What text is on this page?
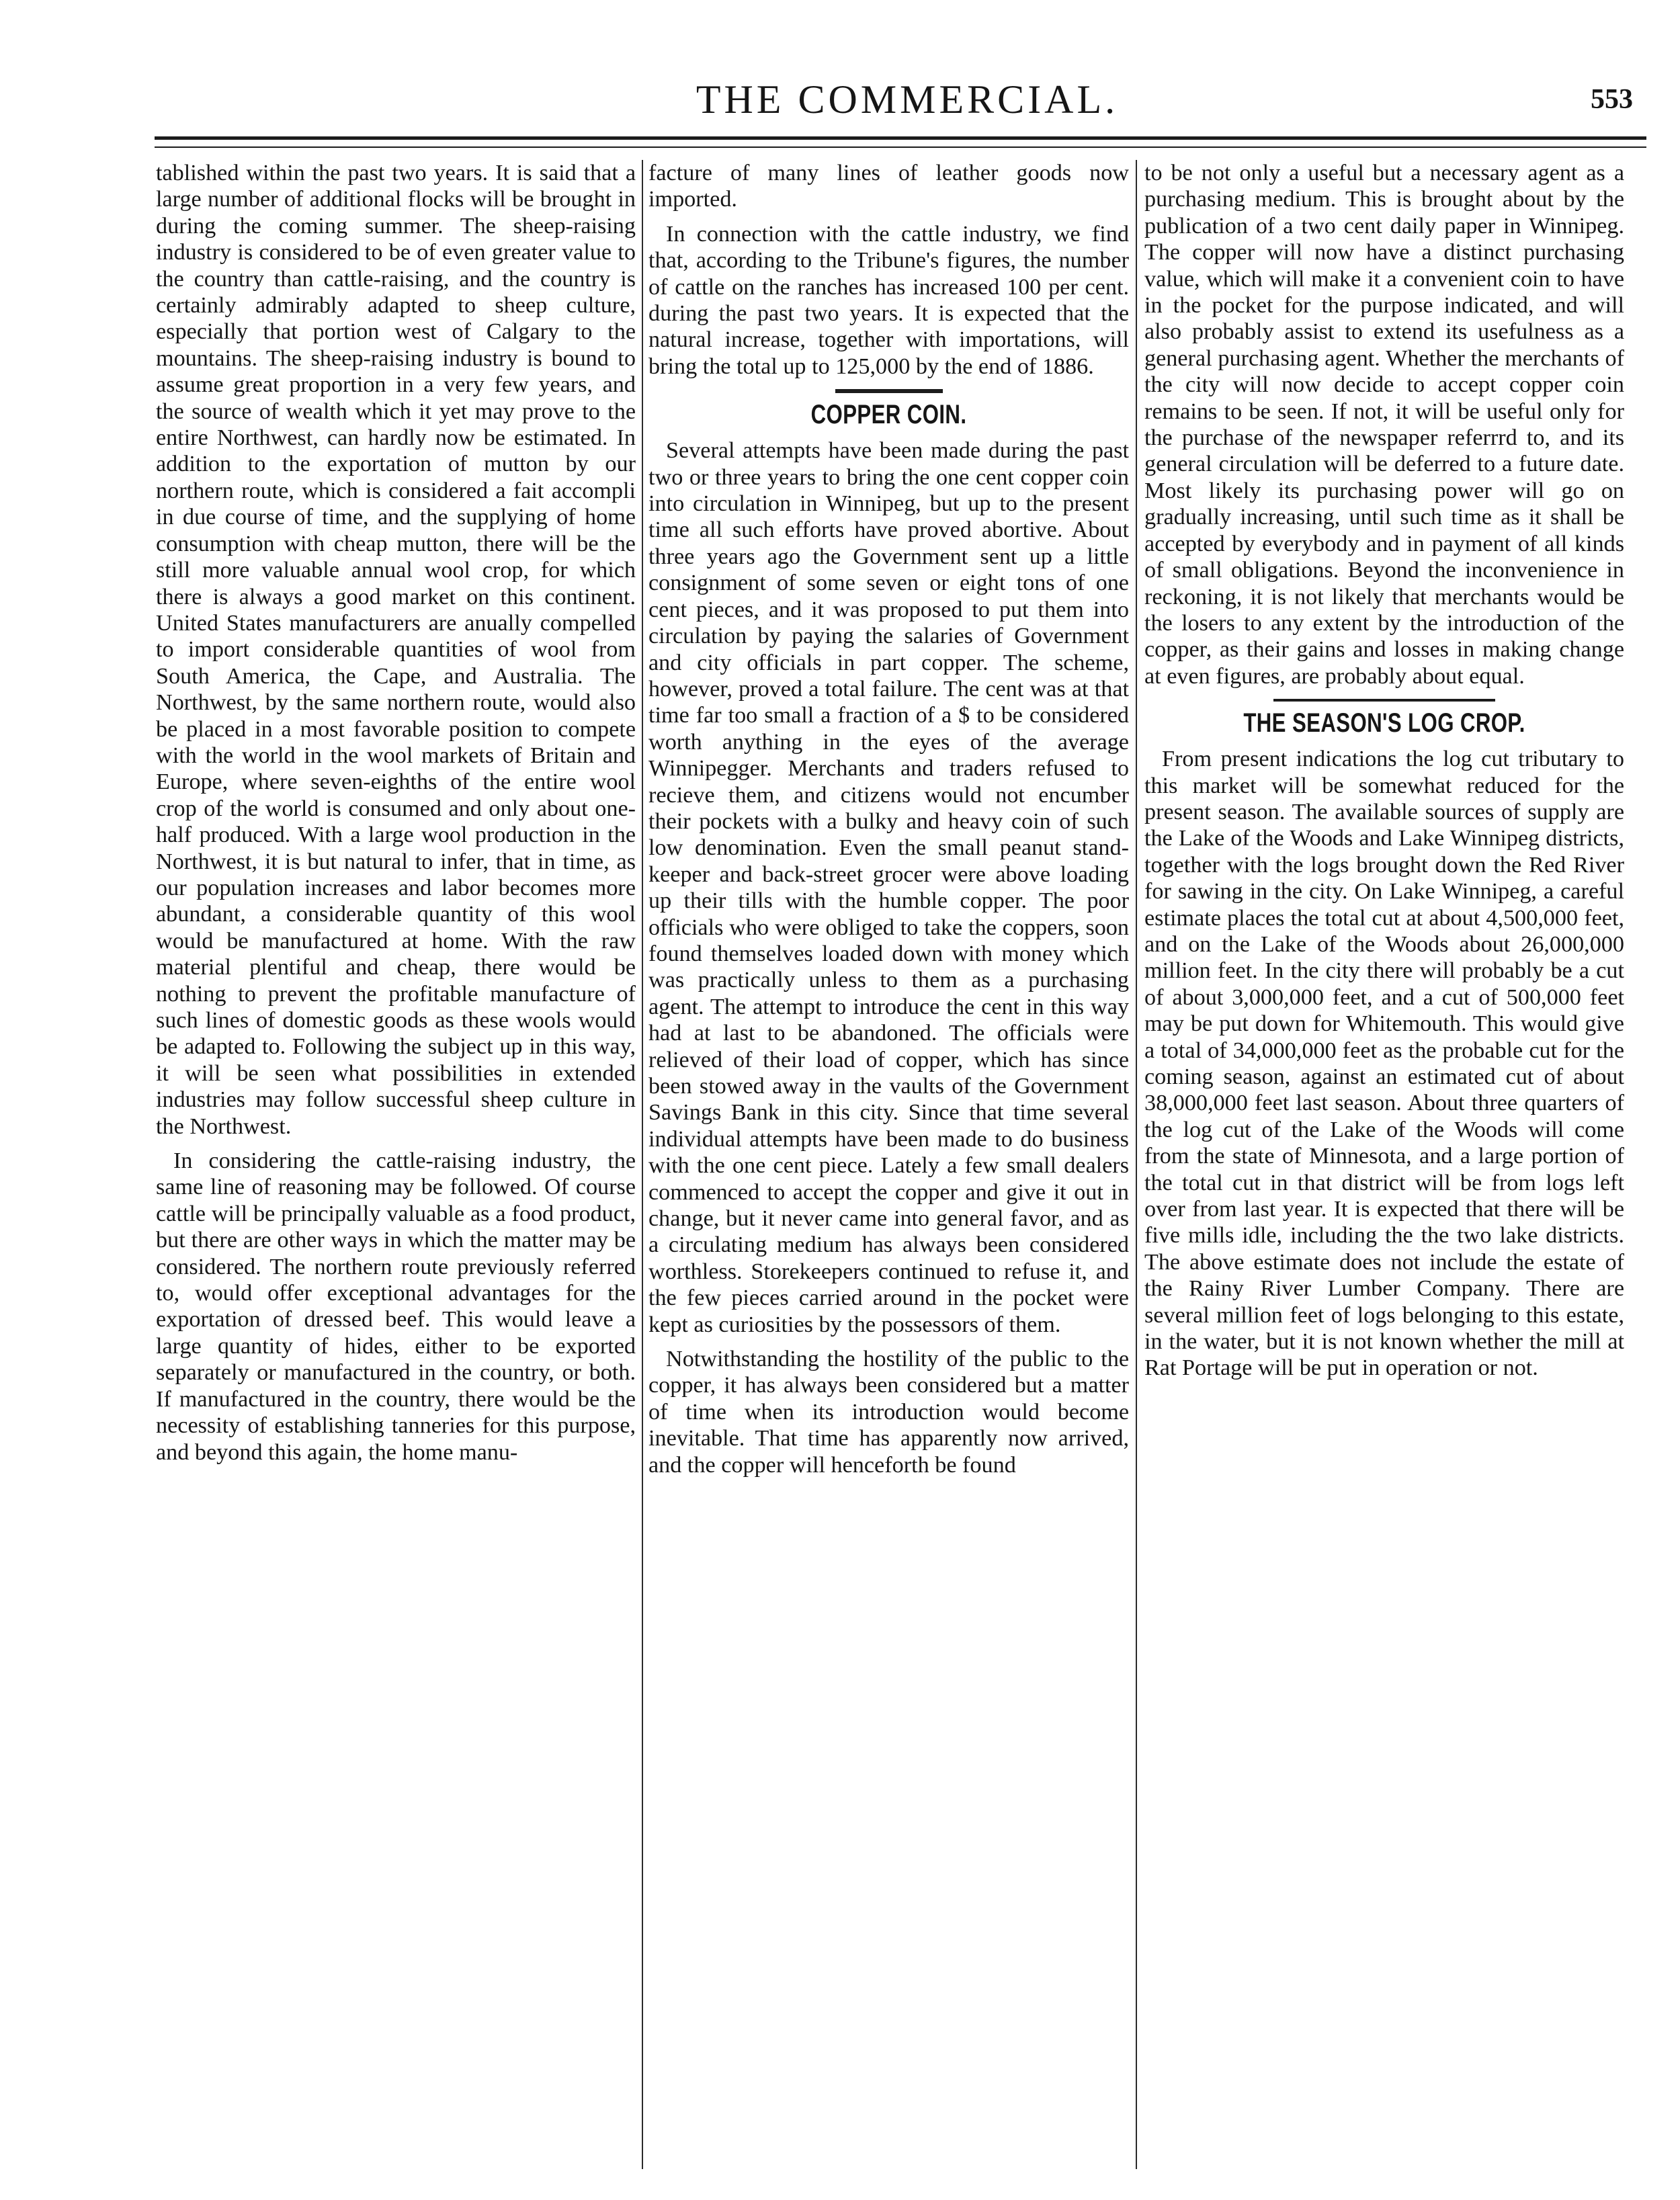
THE COMMERCIAL.	553

tablished within the past two years. It is said that a large number of additional flocks will be brought in during the coming summer. The sheep-raising industry is considered to be of even greater value to the country than cattle-raising, and the country is certainly admirably adapted to sheep culture, especially that portion west of Calgary to the mountains. The sheep-raising industry is bound to assume great proportion in a very few years, and the source of wealth which it yet may prove to the entire Northwest, can hardly now be estimated. In addition to the exportation of mutton by our northern route, which is considered a fait accompli in due course of time, and the supplying of home consumption with cheap mutton, there will be the still more valuable annual wool crop, for which there is always a good market on this continent. United States manufacturers are anually compelled to import considerable quantities of wool from South America, the Cape, and Australia. The Northwest, by the same northern route, would also be placed in a most favorable position to compete with the world in the wool markets of Britain and Europe, where seven-eighths of the entire wool crop of the world is consumed and only about one-half produced. With a large wool production in the Northwest, it is but natural to infer, that in time, as our population increases and labor becomes more abundant, a considerable quantity of this wool would be manufactured at home. With the raw material plentiful and cheap, there would be nothing to prevent the profitable manufacture of such lines of domestic goods as these wools would be adapted to. Following the subject up in this way, it will be seen what possibilities in extended industries may follow successful sheep culture in the Northwest.

In considering the cattle-raising industry, the same line of reasoning may be followed. Of course cattle will be principally valuable as a food product, but there are other ways in which the matter may be considered. The northern route previously referred to, would offer exceptional advantages for the exportation of dressed beef. This would leave a large quantity of hides, either to be exported separately or manufactured in the country, or both. If manufactured in the country, there would be the necessity of establishing tanneries for this purpose, and beyond this again, the home manu-

facture of many lines of leather goods now imported.

In connection with the cattle industry, we find that, according to the Tribune's figures, the number of cattle on the ranches has increased 100 per cent. during the past two years. It is expected that the natural increase, together with importations, will bring the total up to 125,000 by the end of 1886.

COPPER COIN.

Several attempts have been made during the past two or three years to bring the one cent copper coin into circulation in Winnipeg, but up to the present time all such efforts have proved abortive. About three years ago the Government sent up a little consignment of some seven or eight tons of one cent pieces, and it was proposed to put them into circulation by paying the salaries of Government and city officials in part copper. The scheme, however, proved a total failure. The cent was at that time far too small a fraction of a $ to be considered worth anything in the eyes of the average Winnipegger. Merchants and traders refused to recieve them, and citizens would not encumber their pockets with a bulky and heavy coin of such low denomination. Even the small peanut stand-keeper and back-street grocer were above loading up their tills with the humble copper. The poor officials who were obliged to take the coppers, soon found themselves loaded down with money which was practically unless to them as a purchasing agent. The attempt to introduce the cent in this way had at last to be abandoned. The officials were relieved of their load of copper, which has since been stowed away in the vaults of the Government Savings Bank in this city. Since that time several individual attempts have been made to do business with the one cent piece. Lately a few small dealers commenced to accept the copper and give it out in change, but it never came into general favor, and as a circulating medium has always been considered worthless. Storekeepers continued to refuse it, and the few pieces carried around in the pocket were kept as curiosities by the possessors of them.

Notwithstanding the hostility of the public to the copper, it has always been considered but a matter of time when its introduction would become inevitable. That time has apparently now arrived, and the copper will henceforth be found

to be not only a useful but a necessary agent as a purchasing medium. This is brought about by the publication of a two cent daily paper in Winnipeg. The copper will now have a distinct purchasing value, which will make it a convenient coin to have in the pocket for the purpose indicated, and will also probably assist to extend its usefulness as a general purchasing agent. Whether the merchants of the city will now decide to accept copper coin remains to be seen. If not, it will be useful only for the purchase of the newspaper referrrd to, and its general circulation will be deferred to a future date. Most likely its purchasing power will go on gradually increasing, until such time as it shall be accepted by everybody and in payment of all kinds of small obligations. Beyond the inconvenience in reckoning, it is not likely that merchants would be the losers to any extent by the introduction of the copper, as their gains and losses in making change at even figures, are probably about equal.

THE SEASON'S LOG CROP.

From present indications the log cut tributary to this market will be somewhat reduced for the present season. The available sources of supply are the Lake of the Woods and Lake Winnipeg districts, together with the logs brought down the Red River for sawing in the city. On Lake Winnipeg, a careful estimate places the total cut at about 4,500,000 feet, and on the Lake of the Woods about 26,000,000 million feet. In the city there will probably be a cut of about 3,000,000 feet, and a cut of 500,000 feet may be put down for Whitemouth. This would give a total of 34,000,000 feet as the probable cut for the coming season, against an estimated cut of about 38,000,000 feet last season. About three quarters of the log cut of the Lake of the Woods will come from the state of Minnesota, and a large portion of the total cut in that district will be from logs left over from last year. It is expected that there will be five mills idle, including the the two lake districts. The above estimate does not include the estate of the Rainy River Lumber Company. There are several million feet of logs belonging to this estate, in the water, but it is not known whether the mill at Rat Portage will be put in operation or not.
